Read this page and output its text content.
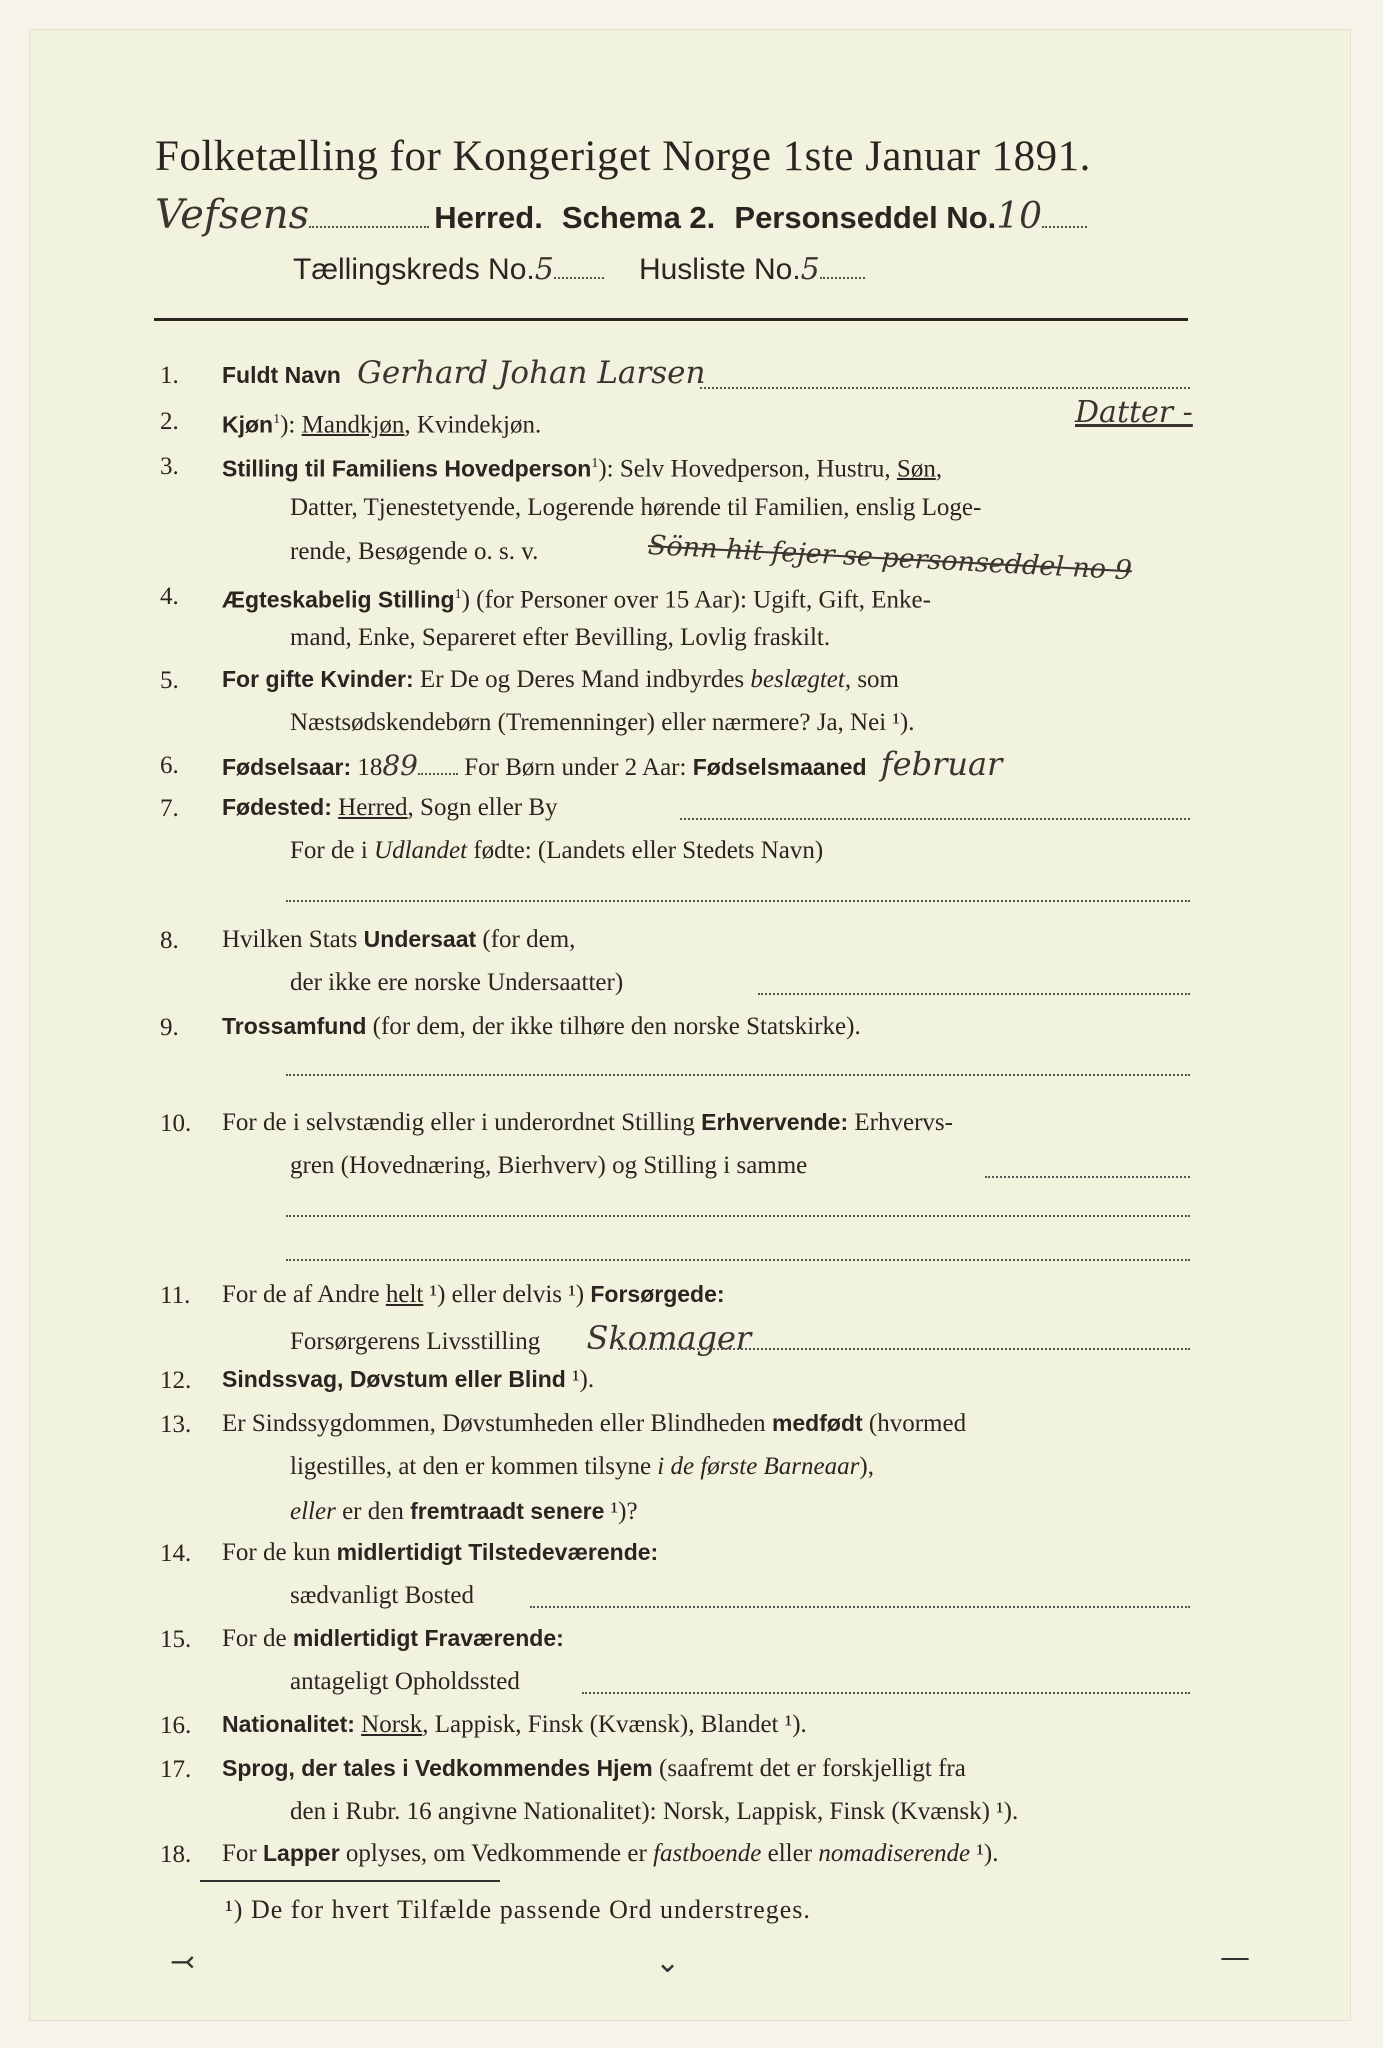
Folketælling for Kongeriget Norge 1ste Januar 1891.
Vefsens	Herred. Schema 2. Personseddel No.10
Tællingskreds No.5	Husliste No.5
1. Fuldt Navn Gerhard Johan Larsen
2. Kjøn$^1$): Mandkjøn, Kvindekjøn.	Datter -
3. Stilling til Familiens Hovedperson$^1$): Selv Hovedperson, Hustru, Søn,
Datter, Tjenestetyende, Logerende hørende til Familien, enslig Loge-
rende, Besøgende o. s. v.	Sönn hit fejer se personseddel no 9
4. Ægteskabelig Stilling$^1$) (for Personer over 15 Aar): Ugift, Gift, Enke-
mand, Enke, Separeret efter Bevilling, Lovlig fraskilt.
5. For gifte Kvinder: Er De og Deres Mand indbyrdes beslægtet, som
Næstsødskendebørn (Tremenninger) eller nærmere? Ja, Nei ¹).
6. Fødselsaar: 1889 For Børn under 2 Aar: Fødselsmaaned februar
7. Fødested: Herred, Sogn eller By
For de i Udlandet fødte: (Landets eller Stedets Navn)
8. Hvilken Stats Undersaat (for dem,
der ikke ere norske Undersaatter)
9. Trossamfund (for dem, der ikke tilhøre den norske Statskirke).
10. For de i selvstændig eller i underordnet Stilling Erhvervende: Erhvervs-
gren (Hovednæring, Bierhverv) og Stilling i samme
11. For de af Andre helt ¹) eller delvis ¹) Forsørgede:
Forsørgerens Livsstilling Skomager
12. Sindssvag, Døvstum eller Blind ¹).
13. Er Sindssygdommen, Døvstumheden eller Blindheden medfødt (hvormed
ligestilles, at den er kommen tilsyne i de første Barneaar),
eller er den fremtraadt senere ¹)?
14. For de kun midlertidigt Tilstedeværende:
sædvanligt Bosted
15. For de midlertidigt Fraværende:
antageligt Opholdssted
16. Nationalitet: Norsk, Lappisk, Finsk (Kvænsk), Blandet ¹).
17. Sprog, der tales i Vedkommendes Hjem (saafremt det er forskjelligt fra
den i Rubr. 16 angivne Nationalitet): Norsk, Lappisk, Finsk (Kvænsk) ¹).
18. For Lapper oplyses, om Vedkommende er fastboende eller nomadiserende ¹).
¹) De for hvert Tilfælde passende Ord understreges.
⤙	⌄	—
